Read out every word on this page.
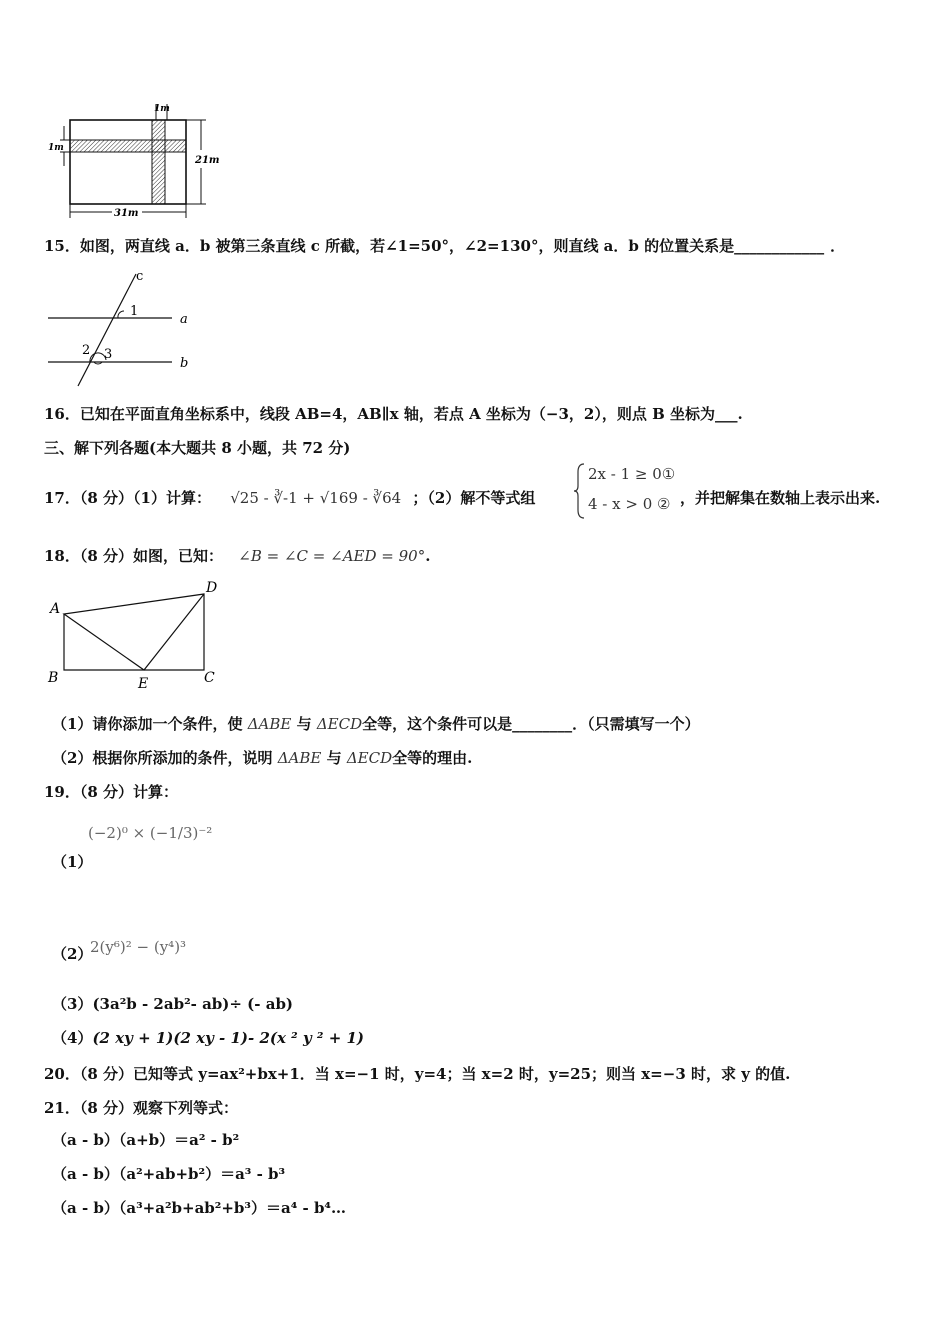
1m
1m
21m
31m
15．如图，两直线 a．b 被第三条直线 c 所截，若∠1=50°，∠2=130°，则直线 a．b 的位置关系是____________ ．
c
1
a
2 3
b
16．已知在平面直角坐标系中，线段 AB=4，AB∥x 轴，若点 A 坐标为（−3，2），则点 B 坐标为___.
三、解下列各题(本大题共 8 小题，共 72 分)
17．（8 分）（1）计算： √25 - ∛-1 + √169 - ∛64 ；（2）解不等式组
2x - 1 ≥ 0①
4 - x > 0 ② ，并把解集在数轴上表示出来.
18．（8 分）如图，已知： ∠B = ∠C = ∠AED = 90°.
A
D
B	E	C
（1）请你添加一个条件，使 ΔABE 与 ΔECD全等，这个条件可以是________．（只需填写一个）
（2）根据你所添加的条件，说明 ΔABE 与 ΔECD全等的理由.
19．（8 分）计算：
(−2)⁰ × (−1/3)⁻²
（1）
（2）
2(y⁶)² − (y⁴)³
（3）(3a²b - 2ab²- ab)÷ (- ab)
（4）(2 xy + 1)(2 xy - 1)- 2(x ² y ² + 1)
20．（8 分）已知等式 y=ax²+bx+1．当 x=−1 时，y=4；当 x=2 时，y=25；则当 x=−3 时，求 y 的值.
21．（8 分）观察下列等式：
（a - b）（a+b）＝a² - b²
（a - b）（a²+ab+b²）＝a³ - b³
（a - b）（a³+a²b+ab²+b³）＝a⁴ - b⁴…
